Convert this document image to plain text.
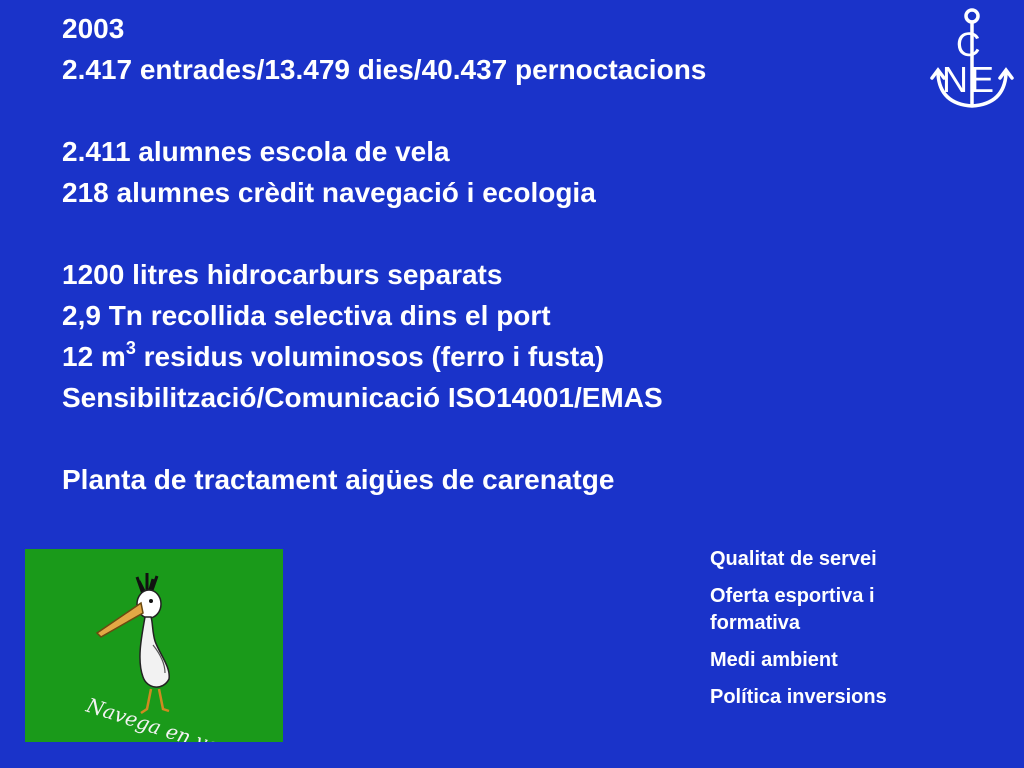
2003
2.417 entrades/13.479 dies/40.437 pernoctacions
2.411 alumnes escola de vela
218 alumnes crèdit navegació i ecologia
1200 litres hidrocarburs separats
2,9 Tn recollida selectiva dins el port
12 $m^3$ residus voluminosos (ferro i fusta)
Sensibilització/Comunicació ISO14001/EMAS
Planta de tractament aigües de carenatge
C
NE
Navega en verd
Qualitat de servei
Oferta esportiva i formativa
Medi ambient
Política inversions
